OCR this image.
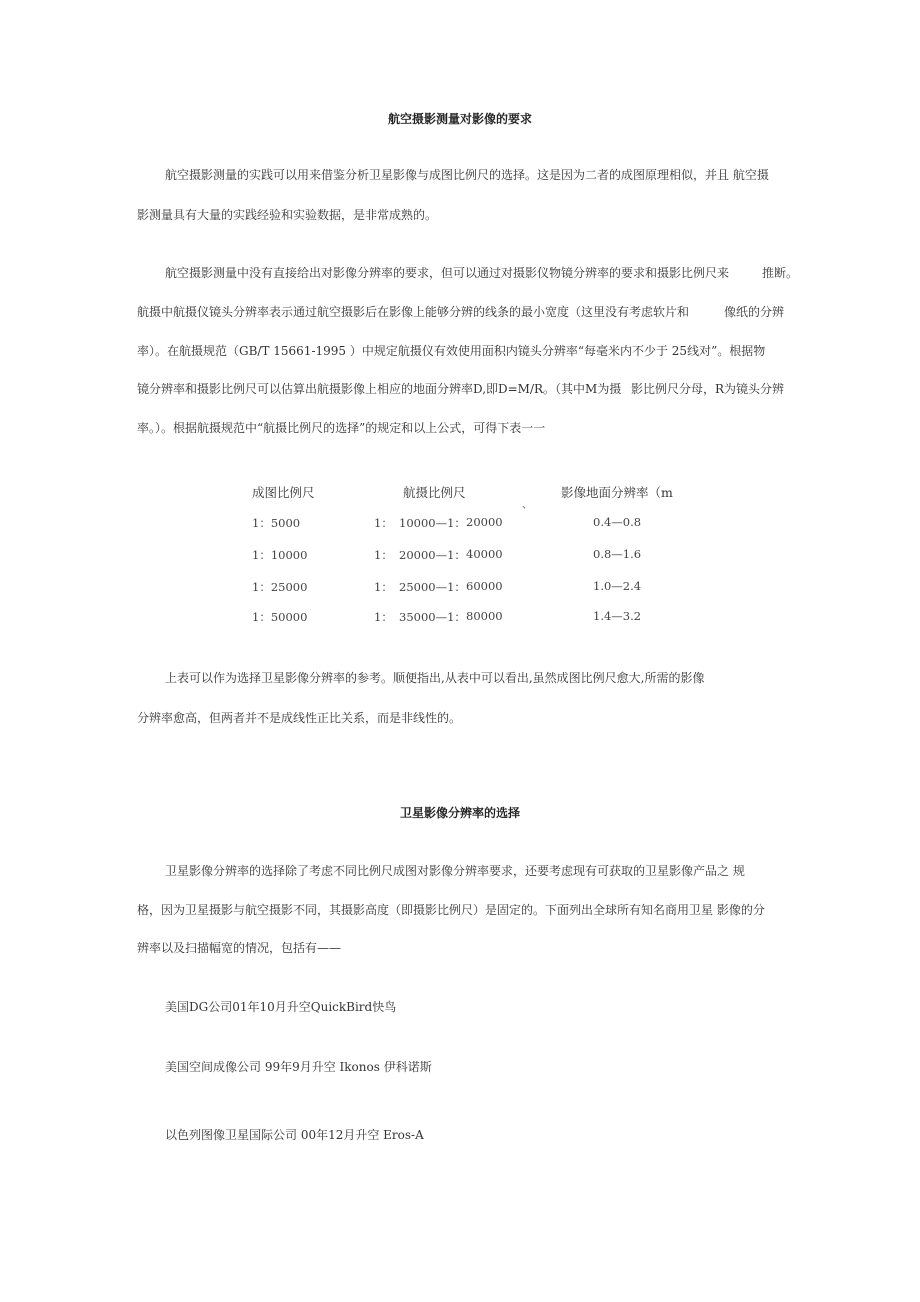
航空摄影测量对影像的要求
航空摄影测量的实践可以用来借鉴分析卫星影像与成图比例尺的选择。这是因为二者的成图原理相似，并且 航空摄
影测量具有大量的实践经验和实验数据，是非常成熟的。
航空摄影测量中没有直接给出对影像分辨率的要求，但可以通过对摄影仪物镜分辨率的要求和摄影比例尺来	推断。
航摄中航摄仪镜头分辨率表示通过航空摄影后在影像上能够分辨的线条的最小宽度（这里没有考虑软片和	像纸的分辨
率）。在航摄规范（GB/T 15661-1995 ）中规定航摄仪有效使用面积内镜头分辨率“每毫米内不少于 25线对”。根据物
镜分辨率和摄影比例尺可以估算出航摄影像上相应的地面分辨率D,即D=M/R。（其中M为摄 影比例尺分母，R为镜头分辨
率。）。根据航摄规范中“航摄比例尺的选择”的规定和以上公式，可得下表一一
成图比例尺	航摄比例尺	影像地面分辨率（m
、
1：5000	1： 10000—1： 20000	0.4—0.8
1：10000	1： 20000—1： 40000	0.8—1.6
1：25000	1： 25000—1： 60000	1.0—2.4
1：50000	1： 35000—1： 80000	1.4—3.2
上表可以作为选择卫星影像分辨率的参考。顺便指出,从表中可以看出,虽然成图比例尺愈大,所需的影像
分辨率愈高，但两者并不是成线性正比关系，而是非线性的。
卫星影像分辨率的选择
卫星影像分辨率的选择除了考虑不同比例尺成图对影像分辨率要求，还要考虑现有可获取的卫星影像产品之 规
格，因为卫星摄影与航空摄影不同，其摄影高度（即摄影比例尺）是固定的。下面列出全球所有知名商用卫星 影像的分
辨率以及扫描幅宽的情况，包括有——
美国DG公司01年10月升空QuickBird快鸟
美国空间成像公司 99年9月升空 Ikonos 伊科诺斯
以色列图像卫星国际公司 00年12月升空 Eros-A
